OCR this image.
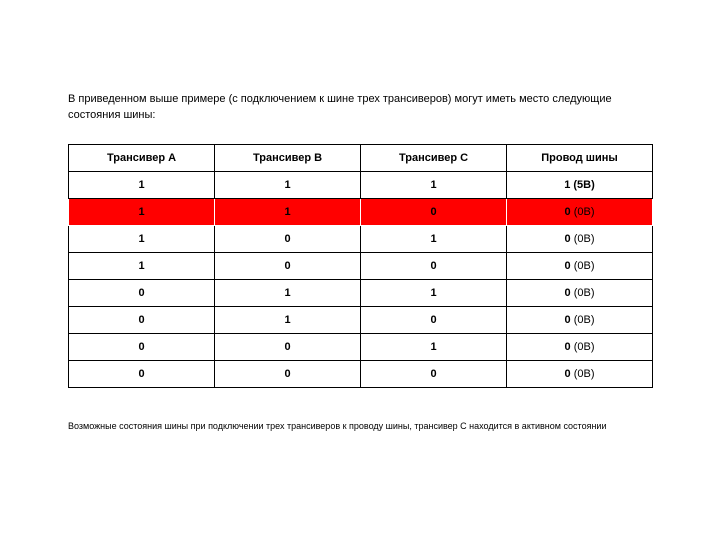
В приведенном выше примере (с подключением к шине трех трансиверов) могут иметь место следующие состояния шины:

Трансивер А	Трансивер В	Трансивер С	Провод шины
1	1	1	1 (5В)
1	1	0	0 (0В)
1	0	1	0 (0В)
1	0	0	0 (0В)
0	1	1	0 (0В)
0	1	0	0 (0В)
0	0	1	0 (0В)
0	0	0	0 (0В)

Возможные состояния шины при подключении трех трансиверов к проводу шины, трансивер С находится в активном состоянии
